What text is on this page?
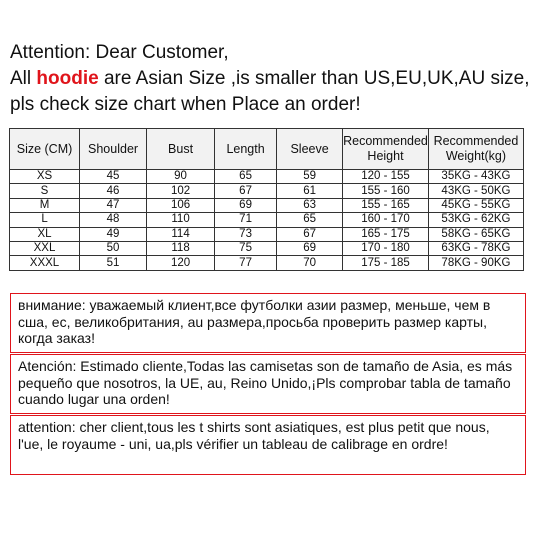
Attention: Dear Customer,
All hoodie are Asian Size ,is smaller than US,EU,UK,AU size,
pls check size chart when Place an order!
Size (CM)	Shoulder	Bust	Length	Sleeve	Recommended Height	Recommended Weight(kg)
XS	45	90	65	59	120 - 155	35KG - 43KG
S	46	102	67	61	155 - 160	43KG - 50KG
M	47	106	69	63	155 - 165	45KG - 55KG
L	48	110	71	65	160 - 170	53KG - 62KG
XL	49	114	73	67	165 - 175	58KG - 65KG
XXL	50	118	75	69	170 - 180	63KG - 78KG
XXXL	51	120	77	70	175 - 185	78KG - 90KG
внимание: уважаемый клиент,все футболки азии размер, меньше, чем в сша, ес, великобритания, au размера,просьба проверить размер карты, когда заказ!
Atención: Estimado cliente,Todas las camisetas son de tamaño de Asia, es más pequeño que nosotros, la UE, au, Reino Unido,¡Pls comprobar tabla de tamaño cuando lugar una orden!
attention: cher client,tous les t shirts sont asiatiques, est plus petit que nous, l'ue, le royaume - uni, ua,pls vérifier un tableau de calibrage en ordre!
